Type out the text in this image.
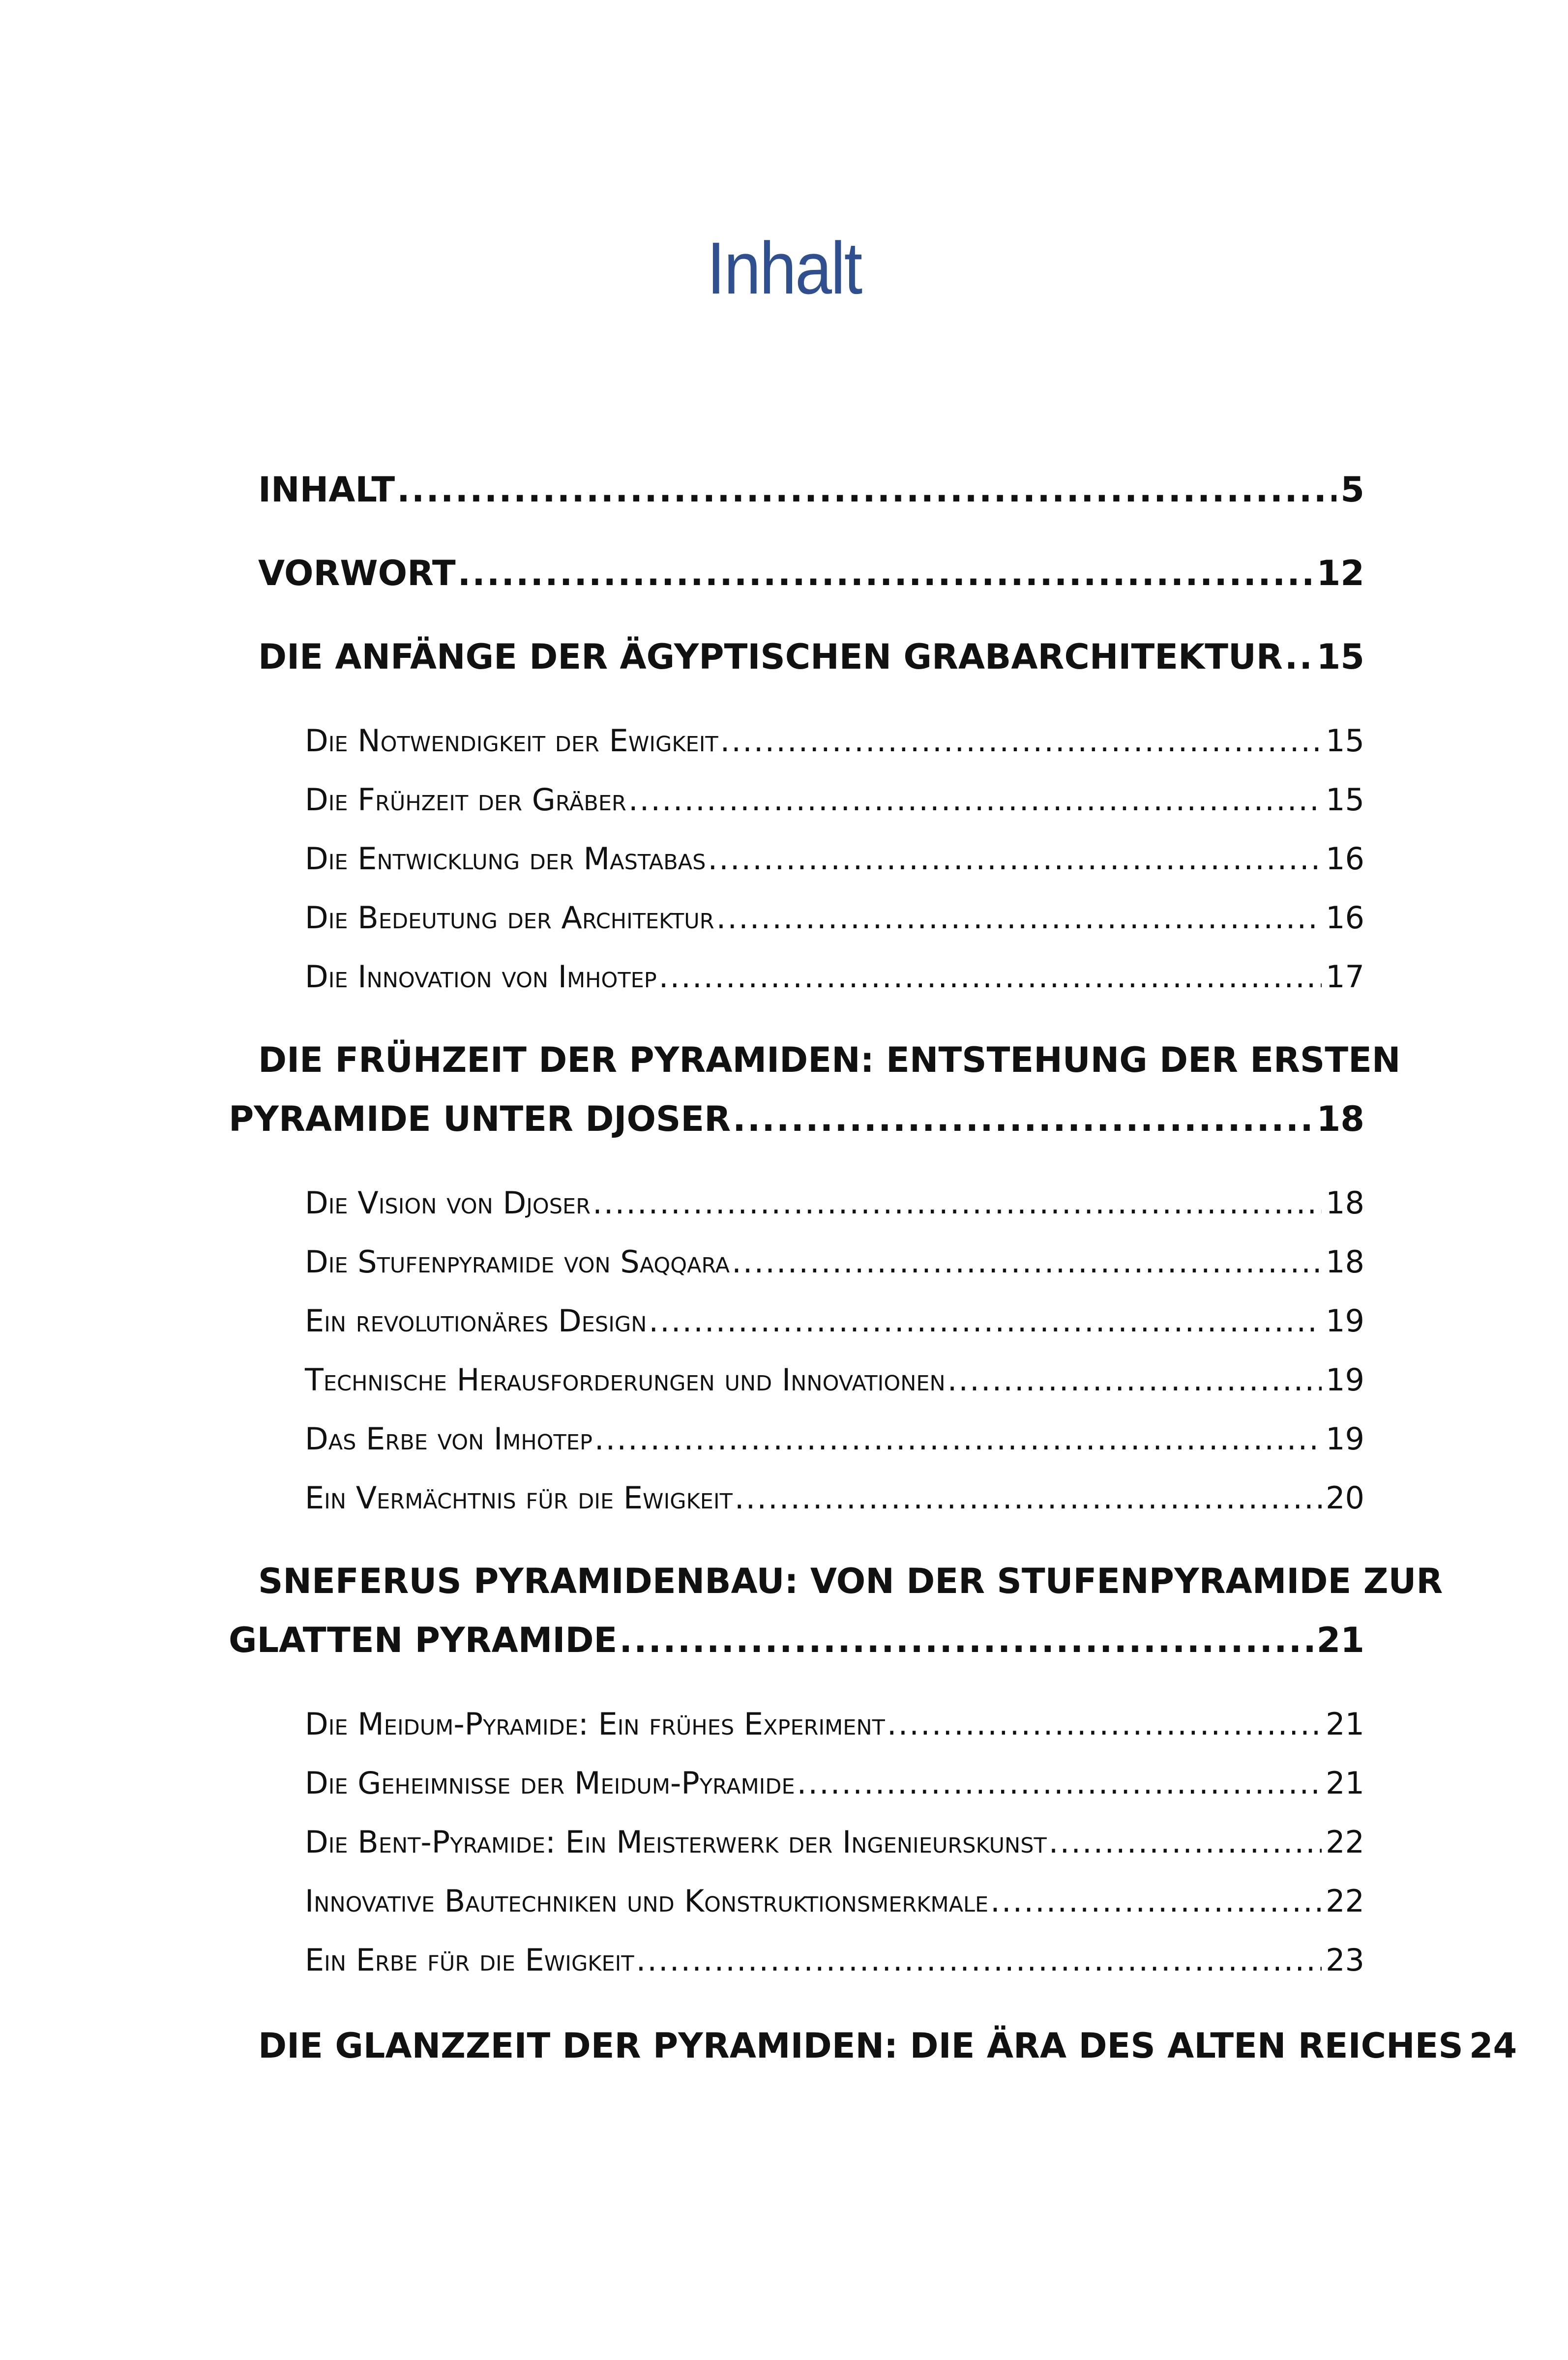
Inhalt
INHALT .....	5
VORWORT .....	12
DIE ANFÄNGE DER ÄGYPTISCHEN GRABARCHITEKTUR ..... 15
Die Notwendigkeit der Ewigkeit .....	15
Die Frühzeit der Gräber .....	15
Die Entwicklung der Mastabas .....	16
Die Bedeutung der Architektur .....	16
Die Innovation von Imhotep .....	17
DIE FRÜHZEIT DER PYRAMIDEN: ENTSTEHUNG DER ERSTEN
PYRAMIDE UNTER DJOSER .....	18
Die Vision von Djoser .....	18
Die Stufenpyramide von Saqqara .....	18
Ein revolutionäres Design .....	19
Technische Herausforderungen und Innovationen .....	19
Das Erbe von Imhotep .....	19
Ein Vermächtnis für die Ewigkeit .....	20
SNEFERUS PYRAMIDENBAU: VON DER STUFENPYRAMIDE ZUR
GLATTEN PYRAMIDE .....	21
Die Meidum-Pyramide: Ein frühes Experiment .....	21
Die Geheimnisse der Meidum-Pyramide .....	21
Die Bent-Pyramide: Ein Meisterwerk der Ingenieurskunst .....	22
Innovative Bautechniken und Konstruktionsmerkmale .....	22
Ein Erbe für die Ewigkeit .....	23
DIE GLANZZEIT DER PYRAMIDEN: DIE ÄRA DES ALTEN REICHES 24
